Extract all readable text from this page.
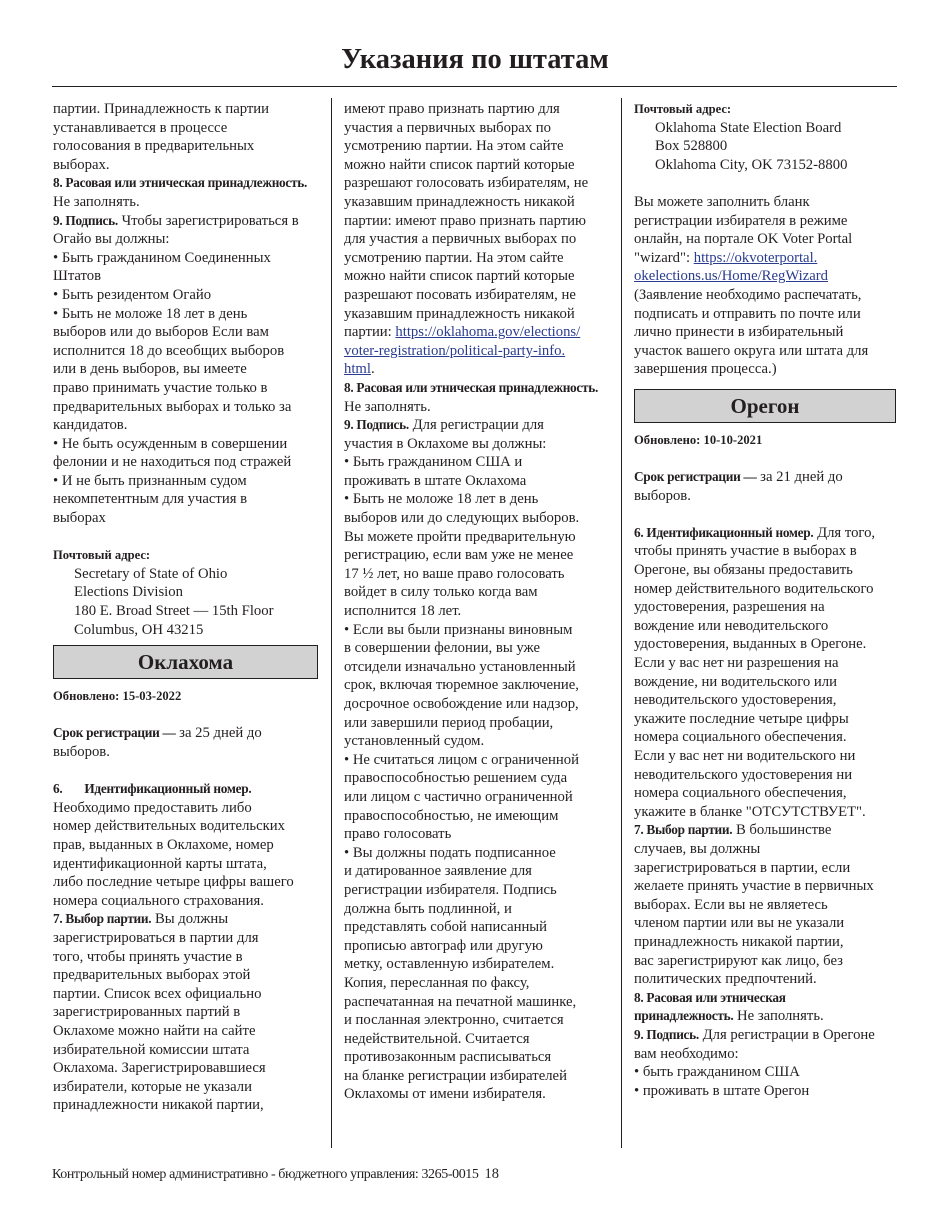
Указания по штатам

партии. Принадлежность к партии

устанавливается в процессе

голосования в предварительных

выборах.

8. Расовая или этническая принадлежность.

Не заполнять.

9. Подпись. Чтобы зарегистрироваться в

Огайо вы должны:

• Быть гражданином Соединенных

Штатов

• Быть резидентом Огайо

• Быть не моложе 18 лет в день

выборов или до выборов Если вам

исполнится 18 до всеобщих выборов

или в день выборов, вы имеете

право принимать участие только в

предварительных выборах и только за

кандидатов.

• Не быть осужденным в совершении

фелонии и не находиться под стражей

• И не быть признанным судом

некомпетентным для участия в

выборах

Почтовый адрес:

Secretary of State of Ohio

Elections Division

180 E. Broad Street — 15th Floor

Columbus, OH 43215

Оклахома

Обновлено: 15-03-2022

Срок регистрации — за 25 дней до

выборов.

6. Идентификационный номер.

Необходимо предоставить либо

номер действительных водительских

прав, выданных в Оклахоме, номер

идентификационной карты штата,

либо последние четыре цифры вашего

номера социального страхования.

7. Выбор партии. Вы должны

зарегистрироваться в партии для

того, чтобы принять участие в

предварительных выборах этой

партии. Список всех официально

зарегистрированных партий в

Оклахоме можно найти на сайте

избирательной комиссии штата

Оклахома. Зарегистрировавшиеся

избиратели, которые не указали

принадлежности никакой партии,

имеют право признать партию для

участия а первичных выборах по

усмотрению партии. На этом сайте

можно найти список партий которые

разрешают голосовать избирателям, не

указавшим принадлежность никакой

партии: имеют право признать партию

для участия а первичных выборах по

усмотрению партии. На этом сайте

можно найти список партий которые

разрешают посовать избирателям, не

указавшим принадлежность никакой

партии: https://oklahoma.gov/elections/

voter-registration/political-party-info.

html.

8. Расовая или этническая принадлежность.

Не заполнять.

9. Подпись. Для регистрации для

участия в Оклахоме вы должны:

• Быть гражданином США и

проживать в штате Оклахома

• Быть не моложе 18 лет в день

выборов или до следующих выборов.

Вы можете пройти предварительную

регистрацию, если вам уже не менее

17 ½ лет, но ваше право голосовать

войдет в силу только когда вам

исполнится 18 лет.

• Если вы были признаны виновным

в совершении фелонии, вы уже

отсидели изначально установленный

срок, включая тюремное заключение,

досрочное освобождение или надзор,

или завершили период пробации,

установленный судом.

• Не считаться лицом с ограниченной

правоспособностью решением суда

или лицом с частично ограниченной

правоспособностью, не имеющим

право голосовать

• Вы должны подать подписанное

и датированное заявление для

регистрации избирателя. Подпись

должна быть подлинной, и

представлять собой написанный

прописью автограф или другую

метку, оставленную избирателем.

Копия, пересланная по факсу,

распечатанная на печатной машинке,

и посланная электронно, считается

недействительной. Считается

противозаконным расписываться

на бланке регистрации избирателей

Оклахомы от имени избирателя.

Почтовый адрес:

Oklahoma State Election Board

Box 528800

Oklahoma City, OK 73152-8800

Вы можете заполнить бланк

регистрации избирателя в режиме

онлайн, на портале OK Voter Portal

"wizard": https://okvoterportal.

okelections.us/Home/RegWizard

(Заявление необходимо распечатать,

подписать и отправить по почте или

лично принести в избирательный

участок вашего округа или штата для

завершения процесса.)

Орегон

Обновлено: 10-10-2021

Срок регистрации — за 21 дней до

выборов.

6. Идентификационный номер. Для того,

чтобы принять участие в выборах в

Орегоне, вы обязаны предоставить

номер действительного водительского

удостоверения, разрешения на

вождение или неводительского

удостоверения, выданных в Орегоне.

Если у вас нет ни разрешения на

вождение, ни водительского или

неводительского удостоверения,

укажите последние четыре цифры

номера социального обеспечения.

Если у вас нет ни водительского ни

неводительского удостоверения ни

номера социального обеспечения,

укажите в бланке "ОТСУТСТВУЕТ".

7. Выбор партии. В большинстве

случаев, вы должны

зарегистрироваться в партии, если

желаете принять участие в первичных

выборах. Если вы не являетесь

членом партии или вы не указали

принадлежность никакой партии,

вас зарегистрируют как лицо, без

политических предпочтений.

8. Расовая или этническая

принадлежность. Не заполнять.

9. Подпись. Для регистрации в Орегоне

вам необходимо:

• быть гражданином США

• проживать в штате Орегон

Контрольный номер административно - бюджетного управления: 3265-0015 18
